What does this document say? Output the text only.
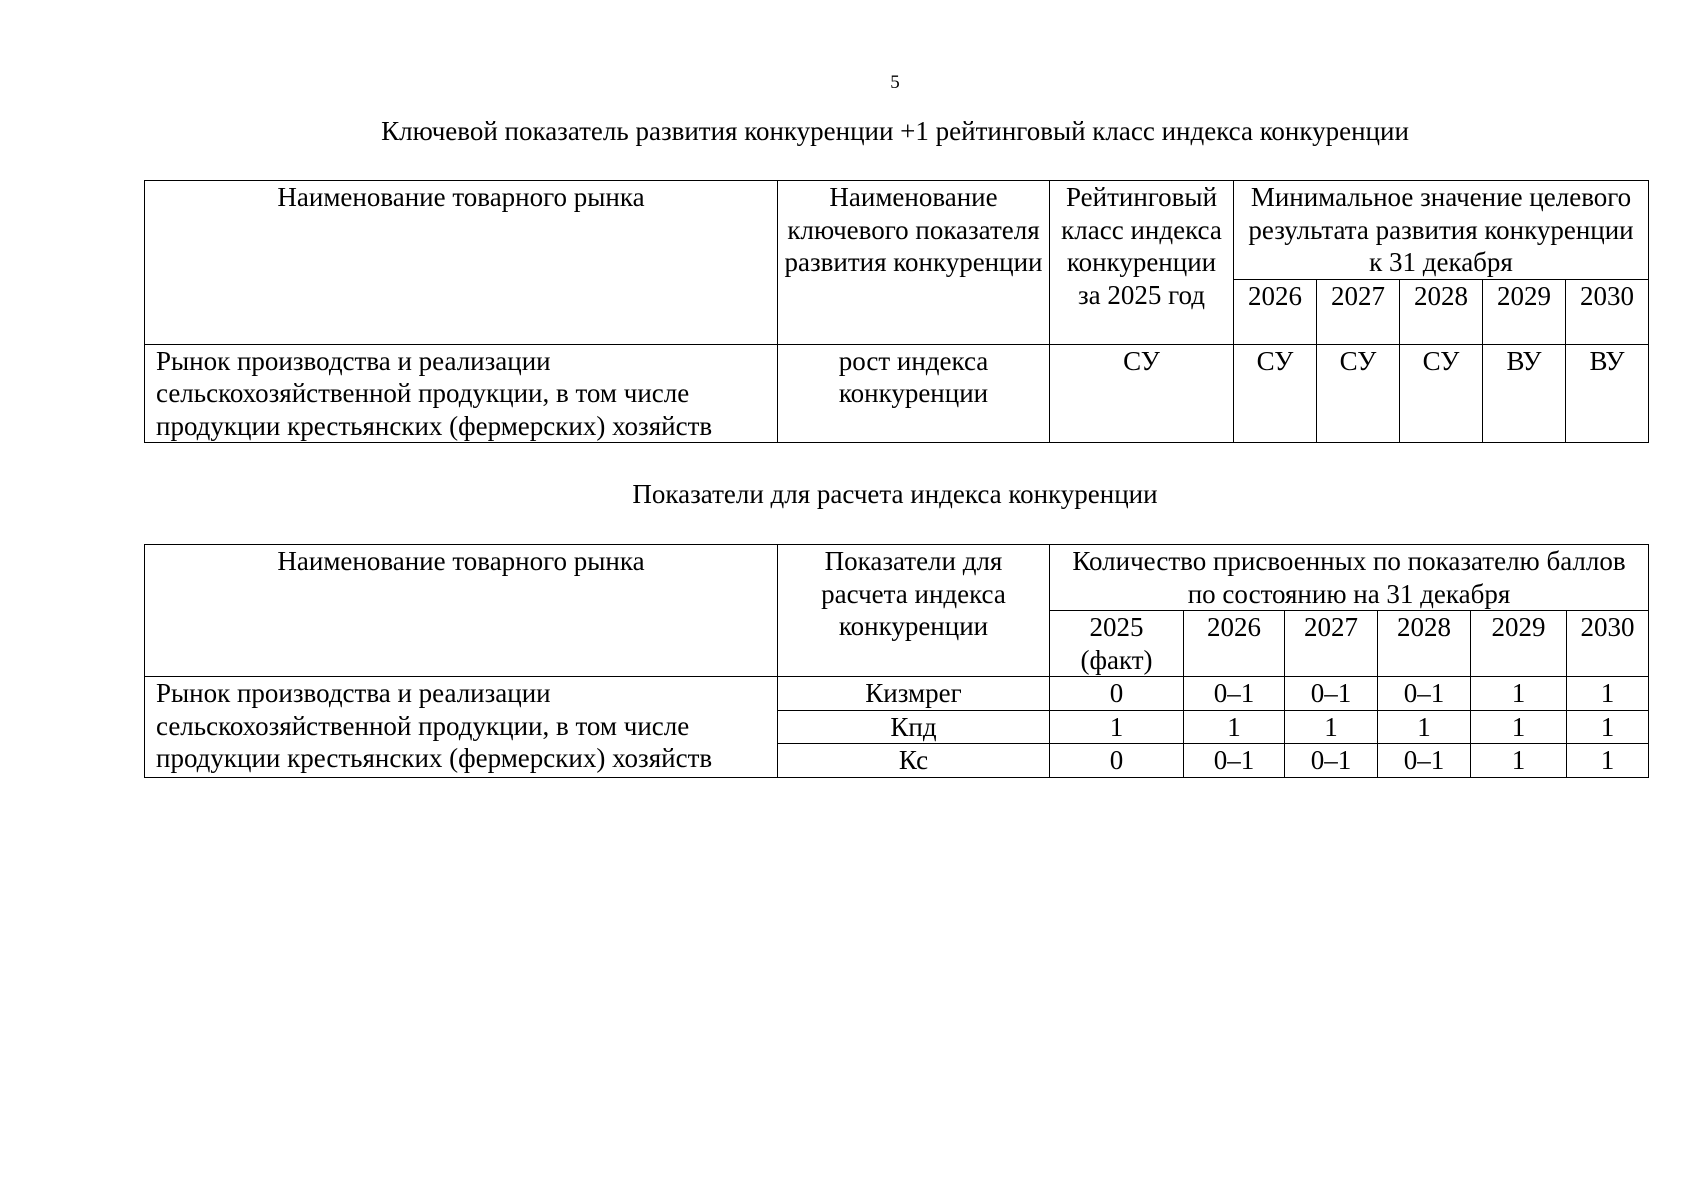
5
Ключевой показатель развития конкуренции +1 рейтинговый класс индекса конкуренции
Наименование товарного рынка	Наименование ключевого показателя развития конкуренции	Рейтинговый класс индекса конкуренции за 2025 год	Минимальное значение целевого результата развития конкуренции к 31 декабря				
			2026	2027	2028	2029	2030
Рынок производства и реализации сельскохозяйственной продукции, в том числе продукции крестьянских (фермерских) хозяйств	рост индекса конкуренции	СУ	СУ	СУ	СУ	ВУ	ВУ
Показатели для расчета индекса конкуренции
Наименование товарного рынка	Показатели для расчета индекса конкуренции	Количество присвоенных по показателю баллов по состоянию на 31 декабря					
		2025 (факт)	2026	2027	2028	2029	2030
Рынок производства и реализации сельскохозяйственной продукции, в том числе продукции крестьянских (фермерских) хозяйств	Кизмрег	0	0–1	0–1	0–1	1	1
	Кпд	1	1	1	1	1	1
	Кс	0	0–1	0–1	0–1	1	1
